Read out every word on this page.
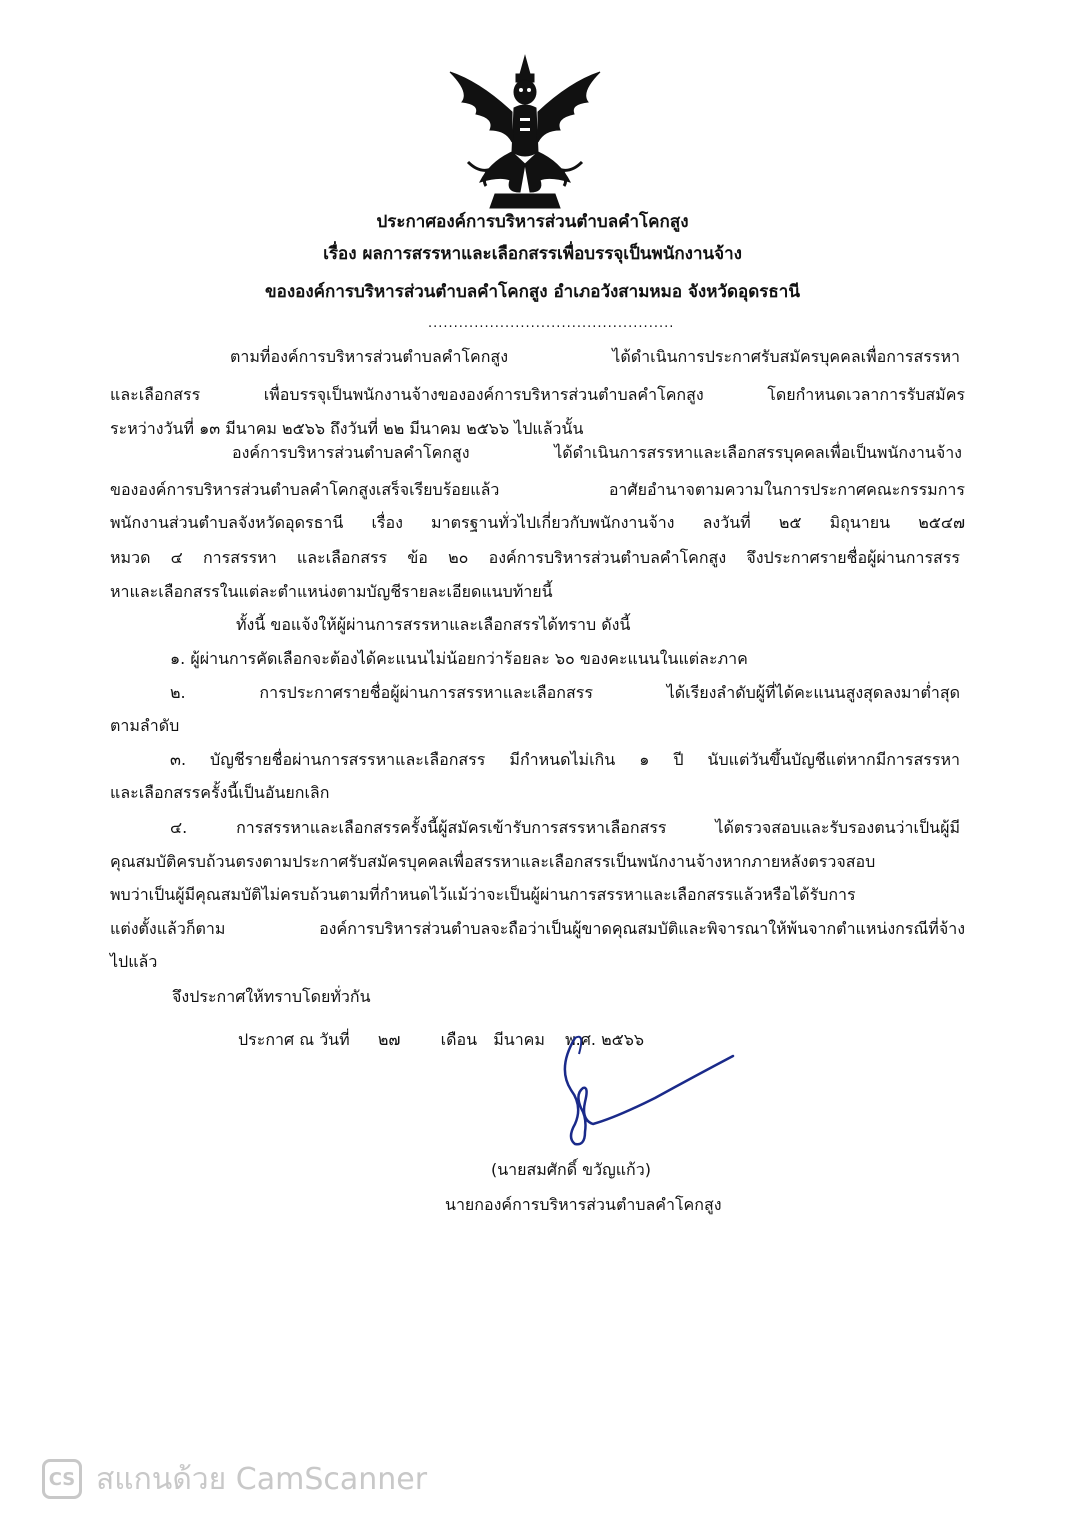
ประกาศองค์การบริหารส่วนตำบลคำโคกสูง
เรื่อง ผลการสรรหาและเลือกสรรเพื่อบรรจุเป็นพนักงานจ้าง
ขององค์การบริหารส่วนตำบลคำโคกสูง อำเภอวังสามหมอ จังหวัดอุดรธานี
................................................
ตามที่องค์การบริหารส่วนตำบลคำโคกสูง ได้ดำเนินการประกาศรับสมัครบุคคลเพื่อการสรรหา
และเลือกสรร เพื่อบรรจุเป็นพนักงานจ้างขององค์การบริหารส่วนตำบลคำโคกสูง โดยกำหนดเวลาการรับสมัคร
ระหว่างวันที่ ๑๓ มีนาคม ๒๕๖๖ ถึงวันที่ ๒๒ มีนาคม ๒๕๖๖ ไปแล้วนั้น
องค์การบริหารส่วนตำบลคำโคกสูง ได้ดำเนินการสรรหาและเลือกสรรบุคคลเพื่อเป็นพนักงานจ้าง
ขององค์การบริหารส่วนตำบลคำโคกสูงเสร็จเรียบร้อยแล้ว อาศัยอำนาจตามความในการประกาศคณะกรรมการ
พนักงานส่วนตำบลจังหวัดอุดรธานี เรื่อง มาตรฐานทั่วไปเกี่ยวกับพนักงานจ้าง ลงวันที่ ๒๕ มิถุนายน ๒๕๔๗
หมวด ๔ การสรรหา และเลือกสรร ข้อ ๒๐ องค์การบริหารส่วนตำบลคำโคกสูง จึงประกาศรายชื่อผู้ผ่านการสรร
หาและเลือกสรรในแต่ละตำแหน่งตามบัญชีรายละเอียดแนบท้ายนี้
ทั้งนี้ ขอแจ้งให้ผู้ผ่านการสรรหาและเลือกสรรได้ทราบ ดังนี้
๑. ผู้ผ่านการคัดเลือกจะต้องได้คะแนนไม่น้อยกว่าร้อยละ ๖๐ ของคะแนนในแต่ละภาค
๒. การประกาศรายชื่อผู้ผ่านการสรรหาและเลือกสรร ได้เรียงลำดับผู้ที่ได้คะแนนสูงสุดลงมาต่ำสุด
ตามลำดับ
๓. บัญชีรายชื่อผ่านการสรรหาและเลือกสรร มีกำหนดไม่เกิน ๑ ปี นับแต่วันขึ้นบัญชีแต่หากมีการสรรหา
และเลือกสรรครั้งนี้เป็นอันยกเลิก
๔. การสรรหาและเลือกสรรครั้งนี้ผู้สมัครเข้ารับการสรรหาเลือกสรร ได้ตรวจสอบและรับรองตนว่าเป็นผู้มี
คุณสมบัติครบถ้วนตรงตามประกาศรับสมัครบุคคลเพื่อสรรหาและเลือกสรรเป็นพนักงานจ้างหากภายหลังตรวจสอบ
พบว่าเป็นผู้มีคุณสมบัติไม่ครบถ้วนตามที่กำหนดไว้แม้ว่าจะเป็นผู้ผ่านการสรรหาและเลือกสรรแล้วหรือได้รับการ
แต่งตั้งแล้วก็ตาม องค์การบริหารส่วนตำบลจะถือว่าเป็นผู้ขาดคุณสมบัติและพิจารณาให้พ้นจากตำแหน่งกรณีที่จ้าง
ไปแล้ว
จึงประกาศให้ทราบโดยทั่วกัน
ประกาศ ณ วันที่ ๒๗	เดือน มีนาคม พ.ศ. ๒๕๖๖
(นายสมศักดิ์ ขวัญแก้ว)
นายกองค์การบริหารส่วนตำบลคำโคกสูง
CS สแกนด้วย CamScanner
